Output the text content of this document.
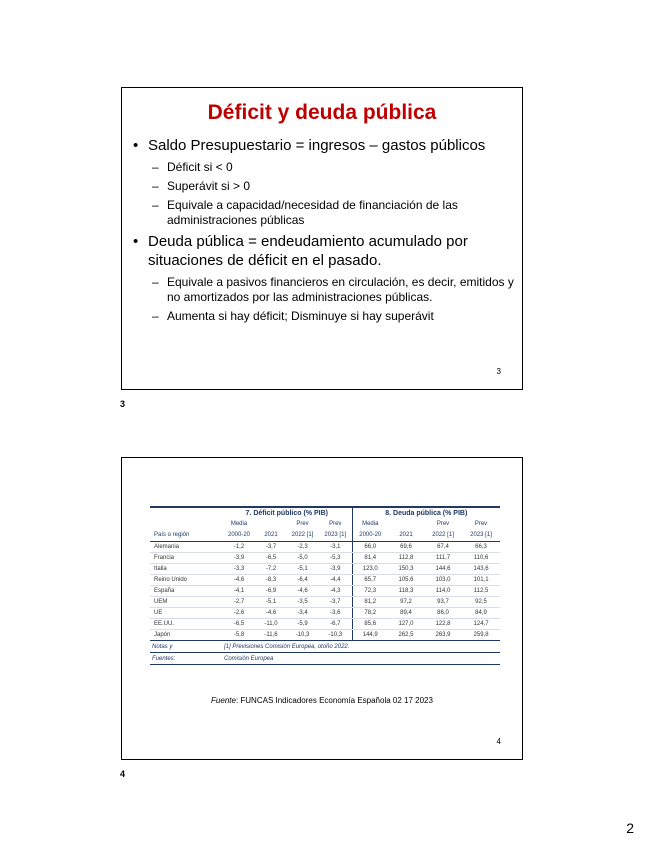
Déficit y deuda pública
• Saldo Presupuestario = ingresos – gastos públicos
– Déficit si < 0
– Superávit si > 0
– Equivale a capacidad/necesidad de financiación de las administraciones públicas
• Deuda pública = endeudamiento acumulado por situaciones de déficit en el pasado.
– Equivale a pasivos financieros en circulación, es decir, emitidos y no amortizados por las administraciones públicas.
– Aumenta si hay déficit; Disminuye si hay superávit
3
3
	7. Déficit público (% PIB)				8. Deuda pública (% PIB)			
	Media		Prev	Prev	Media		Prev	Prev
País o región	2000-20	2021	2022 [1]	2023 [1]	2000-20	2021	2022 [1]	2023 [1]
Alemania	-1,2	-3,7	-2,3	-3,1	66,0	69,6	67,4	66,3
Francia	-3,9	-6,5	-5,0	-5,3	81,4	112,8	111,7	110,6
Italia	-3,3	-7,2	-5,1	-3,9	123,0	150,3	144,6	143,6
Reino Unido	-4,6	-8,3	-6,4	-4,4	65,7	105,6	103,0	101,1
España	-4,1	-6,9	-4,6	-4,3	72,3	118,3	114,0	112,5
UEM	-2,7	-5,1	-3,5	-3,7	81,2	97,2	93,7	92,5
UE	-2,6	-4,6	-3,4	-3,6	78,2	89,4	86,0	84,9
EE.UU.	-6,5	-11,0	-5,9	-6,7	85,6	127,0	122,8	124,7
Japón	-5,8	-11,6	-10,3	-10,3	144,9	262,5	263,9	259,8
Notas y	[1] Previsiones Comisión Europea, otoño 2022.							
Fuentes:	Comisión Europea							
Fuente: FUNCAS Indicadores Economía Española 02 17 2023
4
4
2
